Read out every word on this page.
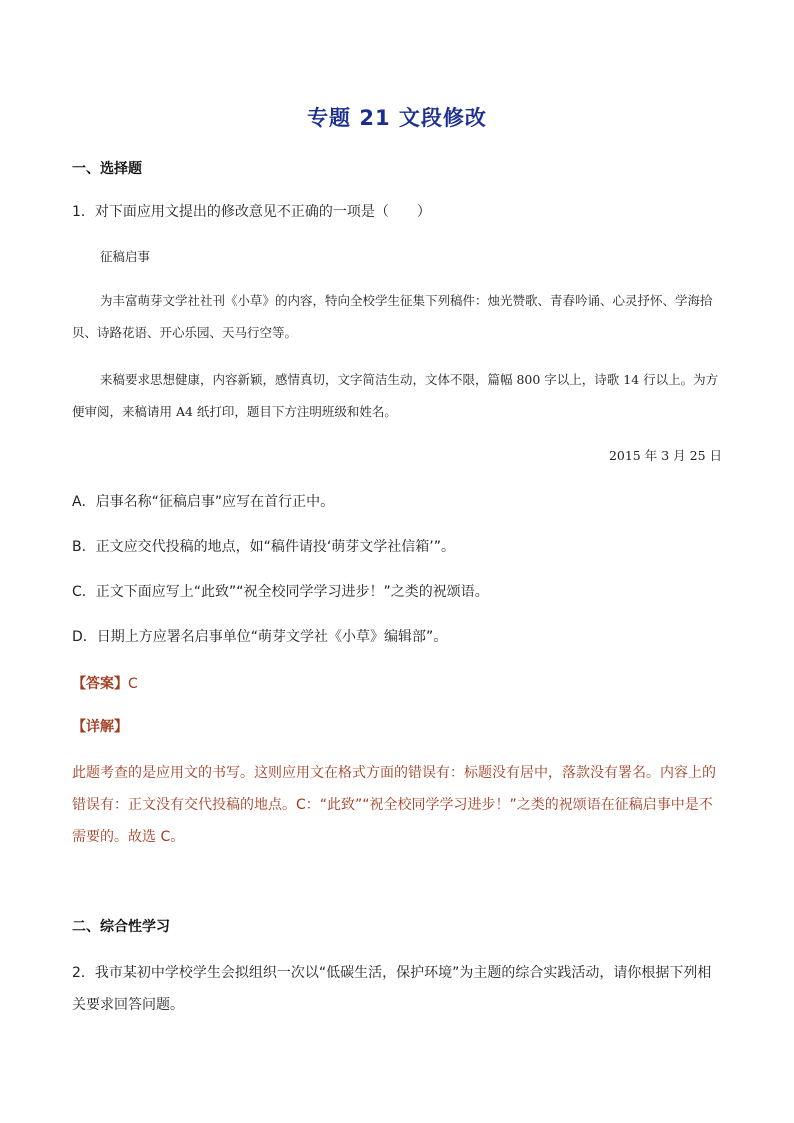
专题 21 文段修改
一、选择题
1．对下面应用文提出的修改意见不正确的一项是（　　）
征稿启事
为丰富萌芽文学社社刊《小草》的内容，特向全校学生征集下列稿件：烛光赞歌、青春吟诵、心灵抒怀、学海拾贝、诗路花语、开心乐园、天马行空等。
来稿要求思想健康，内容新颖，感情真切，文字简洁生动，文体不限，篇幅 800 字以上，诗歌 14 行以上。为方便审阅，来稿请用 A4 纸打印，题目下方注明班级和姓名。
2015 年 3 月 25 日
A．启事名称“征稿启事”应写在首行正中。
B．正文应交代投稿的地点，如“稿件请投‘萌芽文学社信箱’”。
C．正文下面应写上“此致”“祝全校同学学习进步！”之类的祝颂语。
D．日期上方应署名启事单位“萌芽文学社《小草》编辑部”。
【答案】C
【详解】
此题考查的是应用文的书写。这则应用文在格式方面的错误有：标题没有居中，落款没有署名。内容上的错误有：正文没有交代投稿的地点。C：“此致”“祝全校同学学习进步！”之类的祝颂语在征稿启事中是不需要的。故选 C。
二、综合性学习
2．我市某初中学校学生会拟组织一次以“低碳生活，保护环境”为主题的综合实践活动，请你根据下列相关要求回答问题。
